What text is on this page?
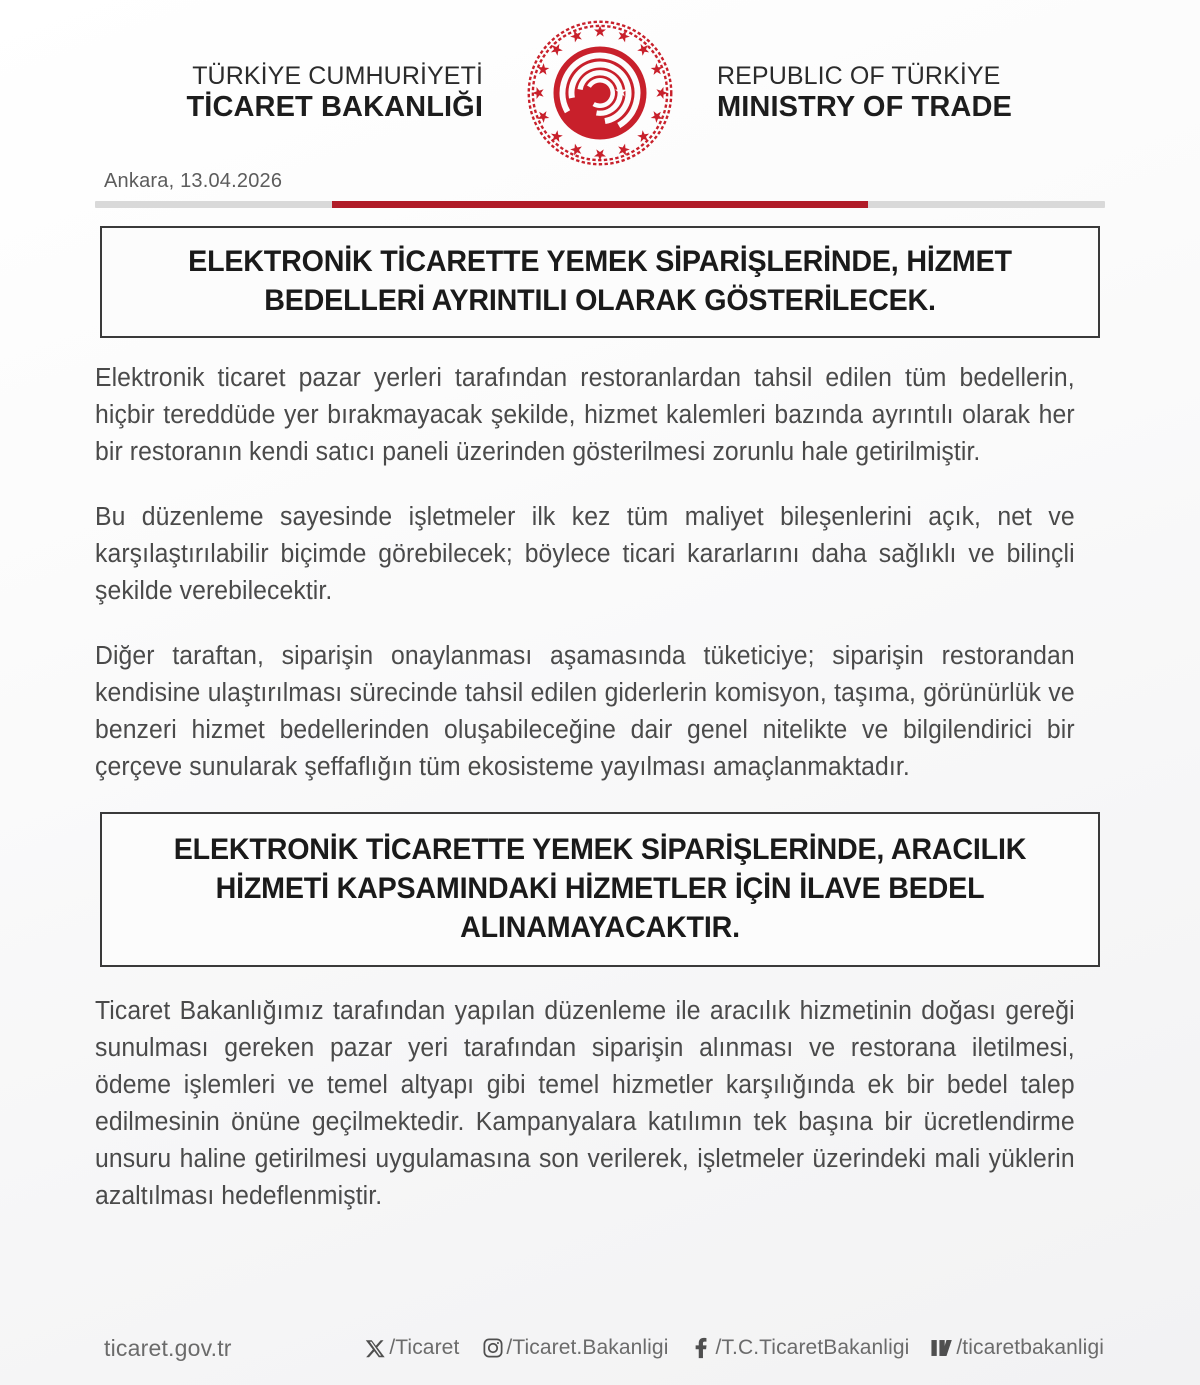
TÜRKİYE CUMHURİYETİ
TİCARET BAKANLIĞI
REPUBLIC OF TÜRKİYE
MINISTRY OF TRADE
Ankara, 13.04.2026
ELEKTRONİK TİCARETTE YEMEK SİPARİŞLERİNDE, HİZMET BEDELLERİ AYRINTILI OLARAK GÖSTERİLECEK.

Elektronik ticaret pazar yerleri tarafından restoranlardan tahsil edilen tüm bedellerin, hiçbir tereddüde yer bırakmayacak şekilde, hizmet kalemleri bazında ayrıntılı olarak her bir restoranın kendi satıcı paneli üzerinden gösterilmesi zorunlu hale getirilmiştir.

Bu düzenleme sayesinde işletmeler ilk kez tüm maliyet bileşenlerini açık, net ve karşılaştırılabilir biçimde görebilecek; böylece ticari kararlarını daha sağlıklı ve bilinçli şekilde verebilecektir.

Diğer taraftan, siparişin onaylanması aşamasında tüketiciye; siparişin restorandan kendisine ulaştırılması sürecinde tahsil edilen giderlerin komisyon, taşıma, görünürlük ve benzeri hizmet bedellerinden oluşabileceğine dair genel nitelikte ve bilgilendirici bir çerçeve sunularak şeffaflığın tüm ekosisteme yayılması amaçlanmaktadır.

ELEKTRONİK TİCARETTE YEMEK SİPARİŞLERİNDE, ARACILIK HİZMETİ KAPSAMINDAKİ HİZMETLER İÇİN İLAVE BEDEL ALINAMAYACAKTIR.

Ticaret Bakanlığımız tarafından yapılan düzenleme ile aracılık hizmetinin doğası gereği sunulması gereken pazar yeri tarafından siparişin alınması ve restorana iletilmesi, ödeme işlemleri ve temel altyapı gibi temel hizmetler karşılığında ek bir bedel talep edilmesinin önüne geçilmektedir. Kampanyalara katılımın tek başına bir ücretlendirme unsuru haline getirilmesi uygulamasına son verilerek, işletmeler üzerindeki mali yüklerin azaltılması hedeflenmiştir.

ticaret.gov.tr	/Ticaret /Ticaret.Bakanligi /T.C.TicaretBakanligi /ticaretbakanligi
